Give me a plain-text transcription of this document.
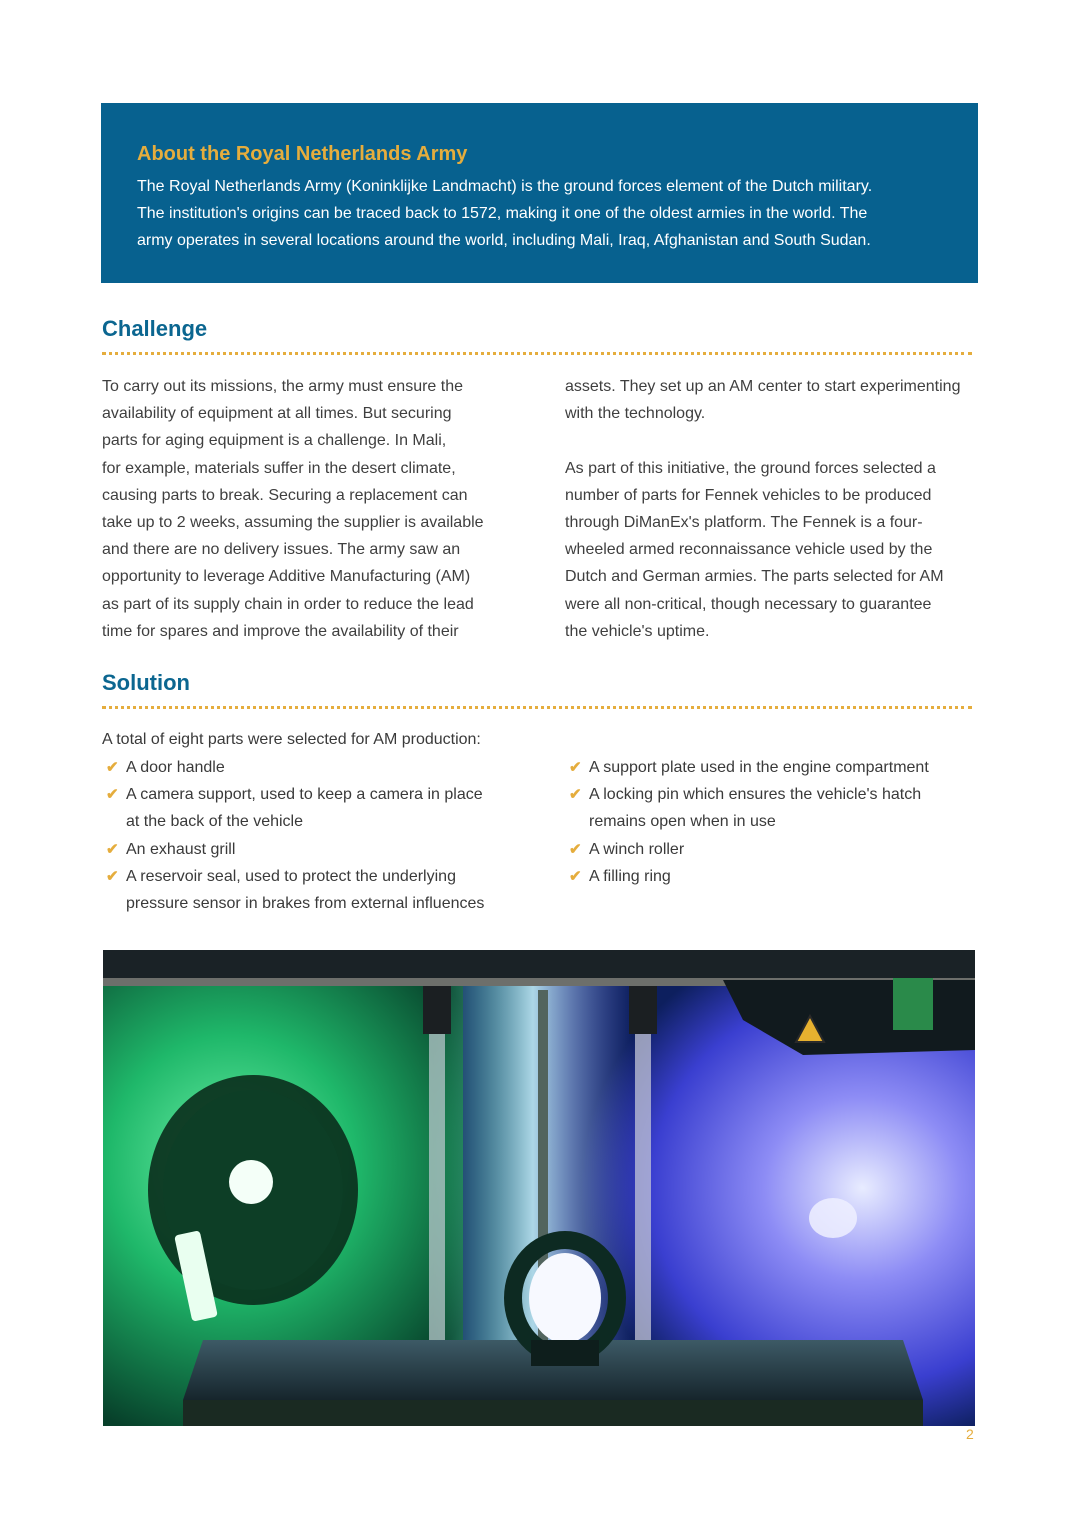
About the Royal Netherlands Army

The Royal Netherlands Army (Koninklijke Landmacht) is the ground forces element of the Dutch military.
The institution's origins can be traced back to 1572, making it one of the oldest armies in the world. The
army operates in several locations around the world, including Mali, Iraq, Afghanistan and South Sudan.

Challenge

To carry out its missions, the army must ensure the
availability of equipment at all times. But securing
parts for aging equipment is a challenge. In Mali,
for example, materials suffer in the desert climate,
causing parts to break. Securing a replacement can
take up to 2 weeks, assuming the supplier is available
and there are no delivery issues. The army saw an
opportunity to leverage Additive Manufacturing (AM)
as part of its supply chain in order to reduce the lead
time for spares and improve the availability of their

assets. They set up an AM center to start experimenting
with the technology.

As part of this initiative, the ground forces selected a
number of parts for Fennek vehicles to be produced
through DiManEx's platform. The Fennek is a four-
wheeled armed reconnaissance vehicle used by the
Dutch and German armies. The parts selected for AM
were all non-critical, though necessary to guarantee
the vehicle's uptime.

Solution

A total of eight parts were selected for AM production:

✔ A door handle
✔ A camera support, used to keep a camera in place
at the back of the vehicle
✔ An exhaust grill
✔ A reservoir seal, used to protect the underlying
pressure sensor in brakes from external influences
✔ A support plate used in the engine compartment
✔ A locking pin which ensures the vehicle's hatch
remains open when in use
✔ A winch roller
✔ A filling ring
2
